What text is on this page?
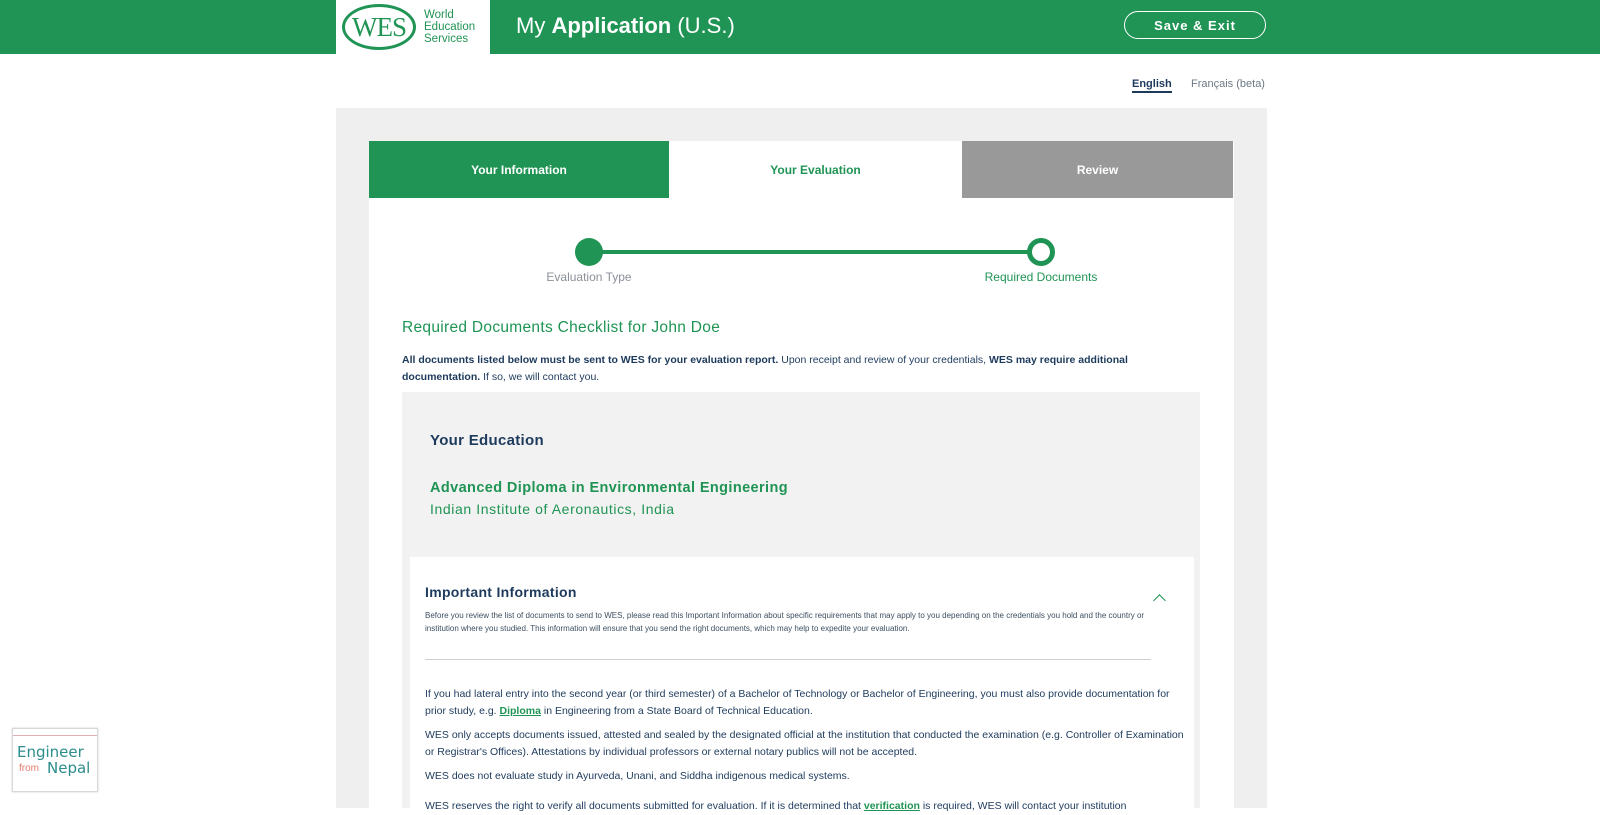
WES	World
Education
Services
My Application (U.S.)	Save & Exit
English Français (beta)
Your Information	Your Evaluation	Review
Evaluation Type	Required Documents
Required Documents Checklist for John Doe
All documents listed below must be sent to WES for your evaluation report. Upon receipt and review of your credentials, WES may require additional documentation. If so, we will contact you.
Your Education
Advanced Diploma in Environmental Engineering
Indian Institute of Aeronautics, India
Important Information
Before you review the list of documents to send to WES, please read this Important Information about specific requirements that may apply to you depending on the credentials you hold and the country or institution where you studied. This information will ensure that you send the right documents, which may help to expedite your evaluation.
If you had lateral entry into the second year (or third semester) of a Bachelor of Technology or Bachelor of Engineering, you must also provide documentation for prior study, e.g. Diploma in Engineering from a State Board of Technical Education.
WES only accepts documents issued, attested and sealed by the designated official at the institution that conducted the examination (e.g. Controller of Examination or Registrar's Offices). Attestations by individual professors or external notary publics will not be accepted.
WES does not evaluate study in Ayurveda, Unani, and Siddha indigenous medical systems.
WES reserves the right to verify all documents submitted for evaluation. If it is determined that verification is required, WES will contact your institution
Engineer
from Nepal
